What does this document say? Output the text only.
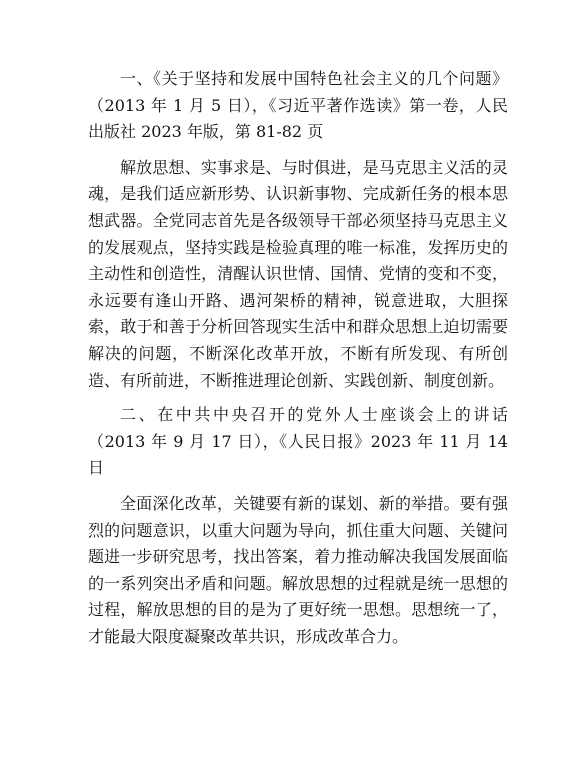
一、《关于坚持和发展中国特色社会主义的几个问题》（2013 年 1 月 5 日），《习近平著作选读》第一卷，人民出版社 2023 年版，第 81-82 页

解放思想、实事求是、与时俱进，是马克思主义活的灵魂，是我们适应新形势、认识新事物、完成新任务的根本思想武器。全党同志首先是各级领导干部必须坚持马克思主义的发展观点，坚持实践是检验真理的唯一标准，发挥历史的主动性和创造性，清醒认识世情、国情、党情的变和不变，永远要有逢山开路、遇河架桥的精神，锐意进取，大胆探索，敢于和善于分析回答现实生活中和群众思想上迫切需要解决的问题，不断深化改革开放，不断有所发现、有所创造、有所前进，不断推进理论创新、实践创新、制度创新。

二、在中共中央召开的党外人士座谈会上的讲话（2013 年 9 月 17 日），《人民日报》2023 年 11 月 14 日

全面深化改革，关键要有新的谋划、新的举措。要有强烈的问题意识，以重大问题为导向，抓住重大问题、关键问题进一步研究思考，找出答案，着力推动解决我国发展面临的一系列突出矛盾和问题。解放思想的过程就是统一思想的过程，解放思想的目的是为了更好统一思想。思想统一了，才能最大限度凝聚改革共识，形成改革合力。
